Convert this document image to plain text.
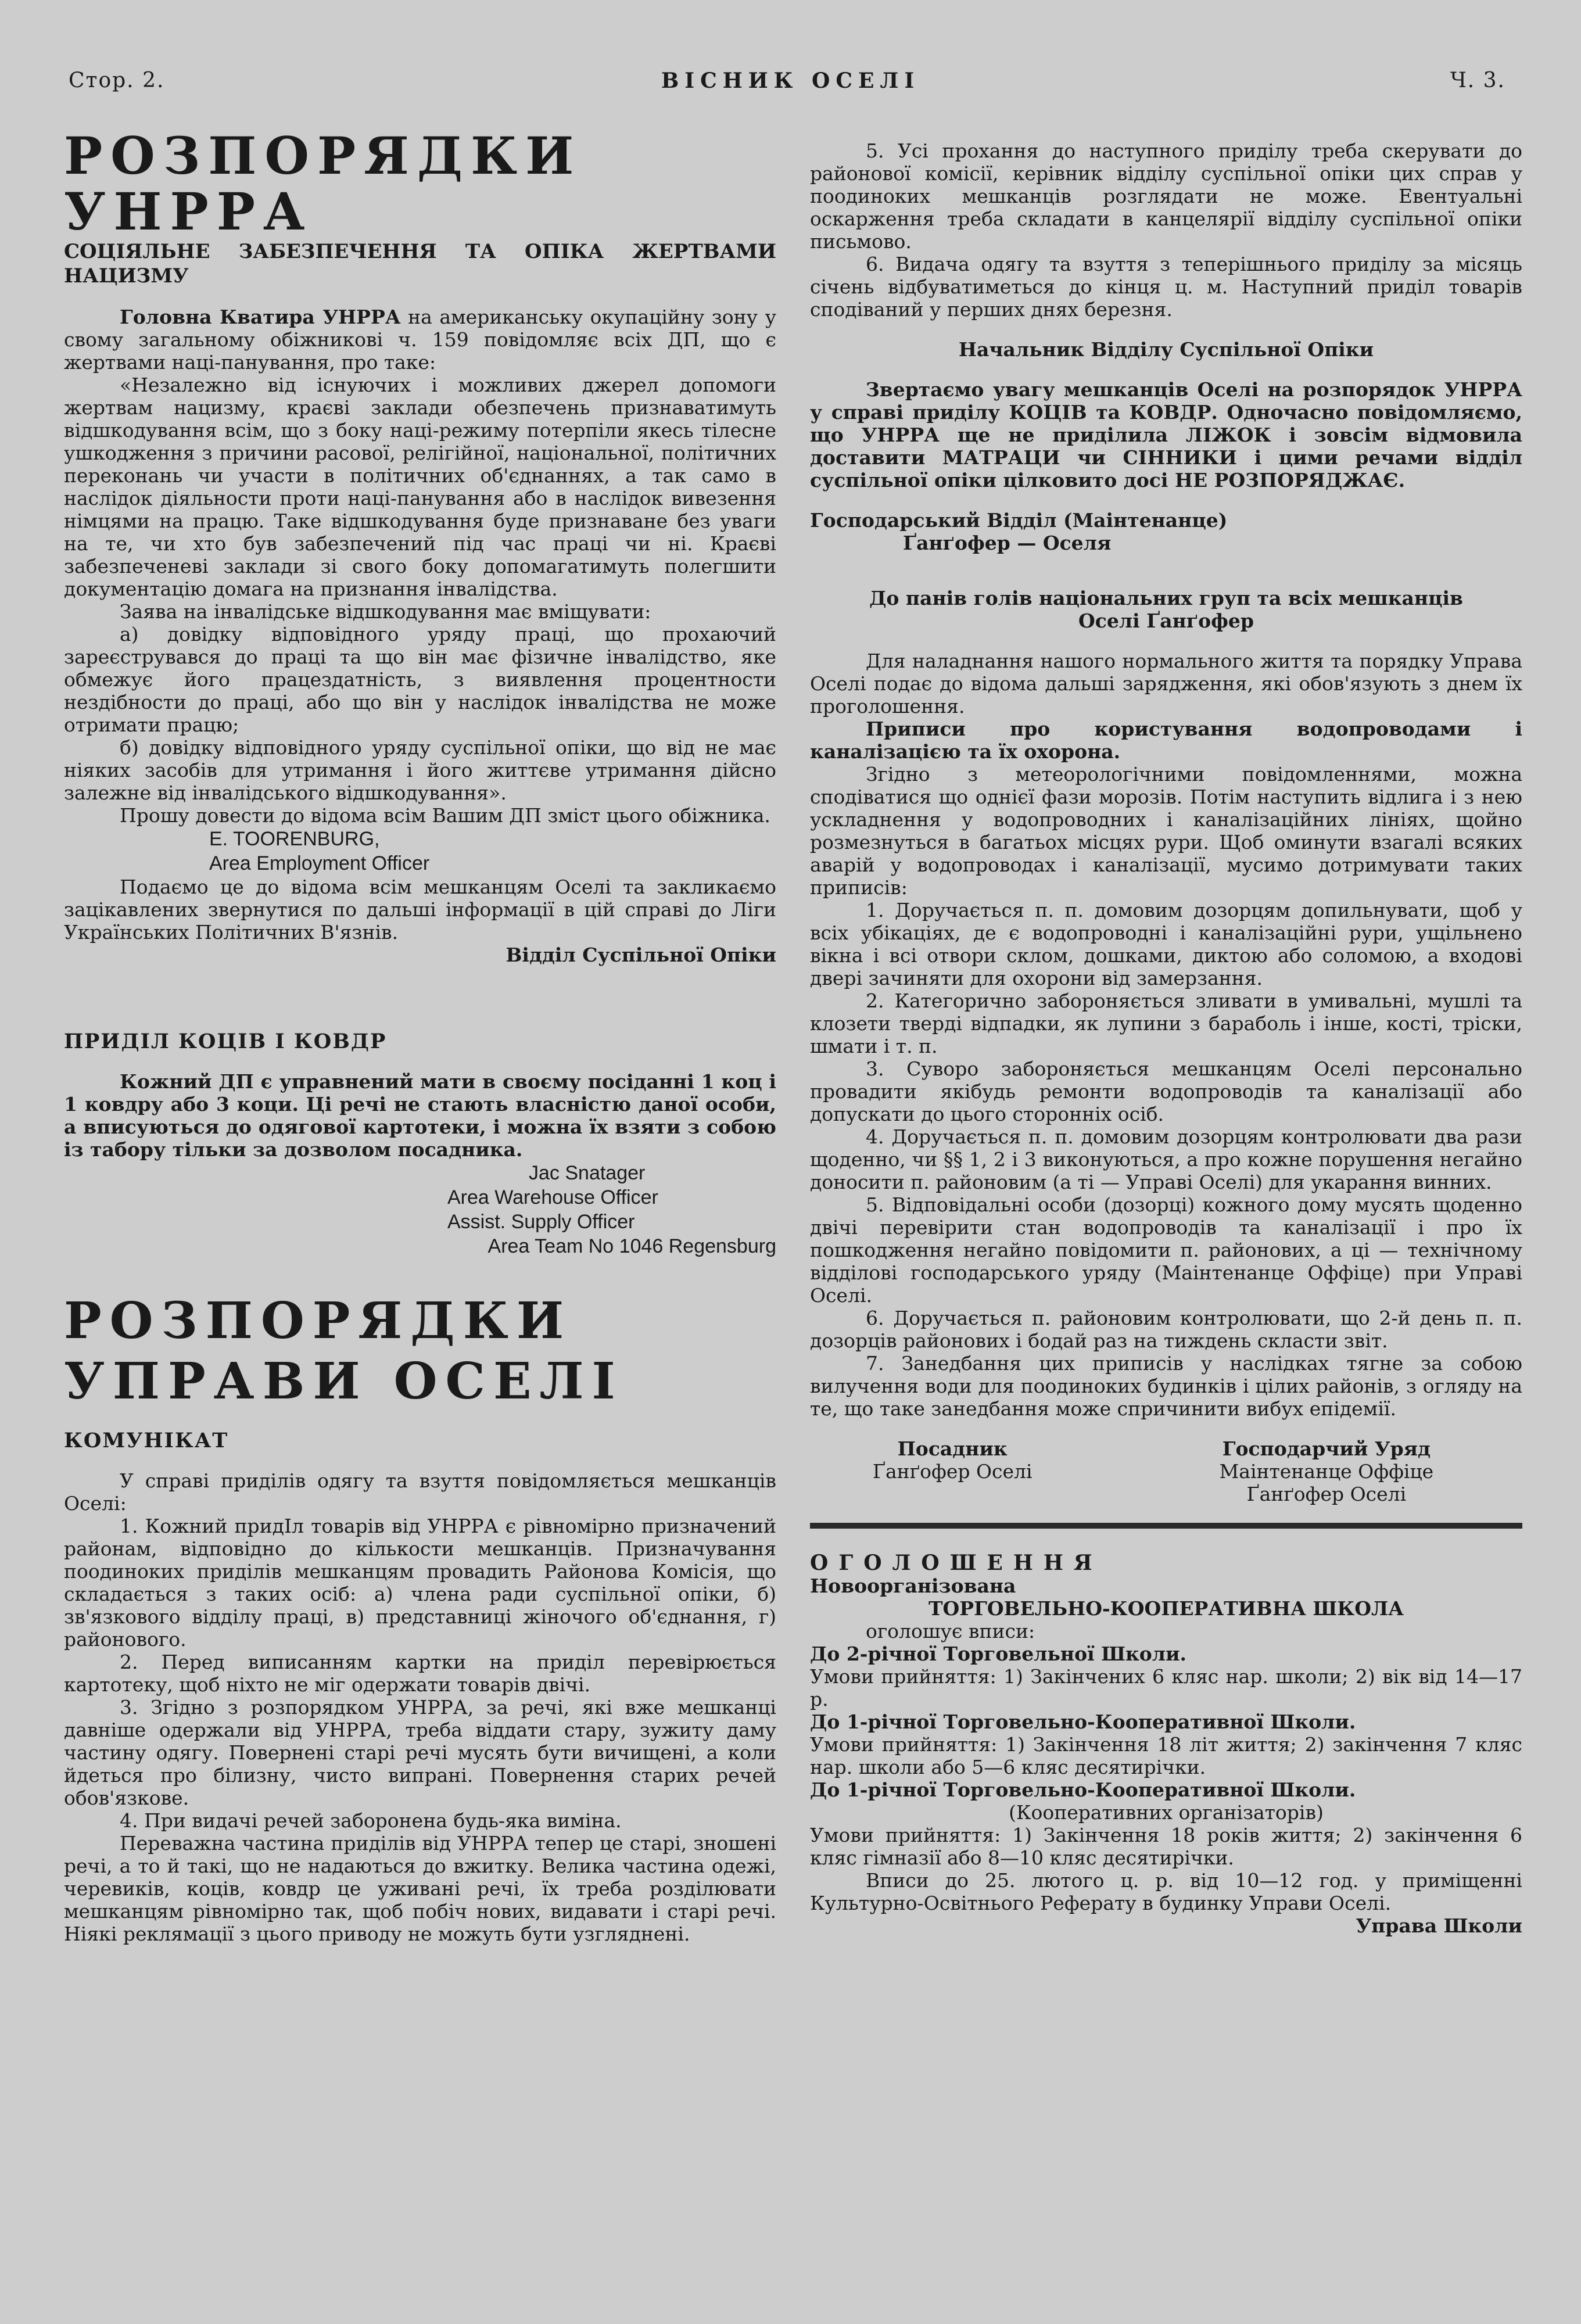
Стор. 2.	ВІСНИК ОСЕЛІ	Ч. 3.

РОЗПОРЯДКИ УНРРА

СОЦІЯЛЬНЕ ЗАБЕЗПЕЧЕННЯ ТА ОПІКА ЖЕРТВАМИ НАЦИЗМУ

Головна Кватира УНРРА на американську окупаційну зону у свому загальному обіжникові ч. 159 повідомляє всіх ДП, що є жертвами наці-панування, про таке:

«Незалежно від існуючих і можливих джерел допомоги жертвам нацизму, краєві заклади обезпечень признаватимуть відшкодування всім, що з боку наці-режиму потерпіли якесь тілесне ушкодження з причини расової, релігійної, національної, політичних переконань чи участи в політичних об'єднаннях, а так само в наслідок діяльности проти наці-панування або в наслідок вивезення німцями на працю. Таке відшкодування буде признаване без уваги на те, чи хто був забезпечений під час праці чи ні. Краєві забезпеченеві заклади зі свого боку допомагатимуть полегшити документацію домага на признання інвалідства.

Заява на інвалідське відшкодування має вміщувати:

а) довідку відповідного уряду праці, що прохаючий зареєструвався до праці та що він має фізичне інвалідство, яке обмежує його працездатність, з виявлення процентности нездібности до праці, або що він у наслідок інвалідства не може отримати працю;

б) довідку відповідного уряду суспільної опіки, що від не має ніяких засобів для утримання і його життєве утримання дійсно залежне від інвалідського відшкодування».

Прошу довести до відома всім Вашим ДП зміст цього обіжника.

E. TOORENBURG,

Area Employment Officer

Подаємо це до відома всім мешканцям Оселі та закликаємо зацікавлених звернутися по дальші інформації в цій справі до Ліги Українських Політичних В'язнів.

Відділ Суспільної Опіки

ПРИДІЛ КОЦІВ І КОВДР

Кожний ДП є управнений мати в своєму посіданні 1 коц і 1 ковдру або 3 коци. Ці речі не стають власністю даної особи, а вписуються до одягової картотеки, і можна їх взяти з собою із табору тільки за дозволом посадника.

Jac Snatager

Area Warehouse Officer

Assist. Supply Officer

Area Team No 1046 Regensburg

РОЗПОРЯДКИ

УПРАВИ ОСЕЛІ

КОМУНІКАТ

У справі приділів одягу та взуття повідомляється мешканців Оселі:

1. Кожний придІл товарів від УНРРА є рівномірно призначений районам, відповідно до кількости мешканців. Призначування поодиноких приділів мешканцям провадить Районова Комісія, що складається з таких осіб: а) члена ради суспільної опіки, б) зв'язкового відділу праці, в) представниці жіночого об'єднання, г) районового.

2. Перед виписанням картки на приділ перевірюється картотеку, щоб ніхто не міг одержати товарів двічі.

3. Згідно з розпорядком УНРРА, за речі, які вже мешканці давніше одержали від УНРРА, треба віддати стару, зужиту даму частину одягу. Повернені старі речі мусять бути вичищені, а коли йдеться про білизну, чисто випрані. Повернення старих речей обов'язкове.

4. При видачі речей заборонена будь-яка виміна.

Переважна частина приділів від УНРРА тепер це старі, зношені речі, а то й такі, що не надаються до вжитку. Велика частина одежі, черевиків, коців, ковдр це уживані речі, їх треба розділювати мешканцям рівномірно так, щоб побіч нових, видавати і старі речі. Ніякі реклямації з цього приводу не можуть бути узгляднені.

5. Усі прохання до наступного приділу треба скерувати до районової комісії, керівник відділу суспільної опіки цих справ у поодиноких мешканців розглядати не може. Евентуальні оскарження треба складати в канцелярії відділу суспільної опіки письмово.

6. Видача одягу та взуття з теперішнього приділу за місяць січень відбуватиметься до кінця ц. м. Наступний приділ товарів сподіваний у перших днях березня.

Начальник Відділу Суспільної Опіки

Звертаємо увагу мешканців Оселі на розпорядок УНРРА у справі приділу КОЦІВ та КОВДР. Одночасно повідомляємо, що УНРРА ще не приділила ЛІЖОК і зовсім відмовила доставити МАТРАЦИ чи СІННИКИ і цими речами відділ суспільної опіки цілковито досі НЕ РОЗПОРЯДЖАЄ.

Господарський Відділ (Маінтенанце)

Ґанґофер — Оселя

До панів голів національних груп та всіх мешканців

Оселі Ґанґофер

Для наладнання нашого нормального життя та порядку Управа Оселі подає до відома дальші зарядження, які обов'язують з днем їх проголошення.

Приписи про користування водопроводами і каналізацією та їх охорона.

Згідно з метеорологічними повідомленнями, можна сподіватися що однієї фази морозів. Потім наступить відлига і з нею ускладнення у водопроводних і каналізаційних лініях, щойно розмезнуться в багатьох місцях рури. Щоб оминути взагалі всяких аварій у водопроводах і каналізації, мусимо дотримувати таких приписів:

1. Доручається п. п. домовим дозорцям допильнувати, щоб у всіх убікаціях, де є водопроводні і каналізаційні рури, ущільнено вікна і всі отвори склом, дошками, диктою або соломою, а входові двері зачиняти для охорони від замерзання.

2. Категорично забороняється зливати в умивальні, мушлі та клозети тверді відпадки, як лупини з бараболь і інше, кості, тріски, шмати і т. п.

3. Суворо забороняється мешканцям Оселі персонально провадити якібудь ремонти водопроводів та каналізації або допускати до цього сторонніх осіб.

4. Доручається п. п. домовим дозорцям контролювати два рази щоденно, чи §§ 1, 2 і 3 виконуються, а про кожне порушення негайно доносити п. районовим (а ті — Управі Оселі) для укарання винних.

5. Відповідальні особи (дозорці) кожного дому мусять щоденно двічі перевірити стан водопроводів та каналізації і про їх пошкодження негайно повідомити п. районових, а ці — технічному відділові господарського уряду (Маінтенанце Оффіце) при Управі Оселі.

6. Доручається п. районовим контролювати, що 2-й день п. п. дозорців районових і бодай раз на тиждень скласти звіт.

7. Занедбання цих приписів у наслідках тягне за собою вилучення води для поодиноких будинків і цілих районів, з огляду на те, що таке занедбання може спричинити вибух епідемії.

Посадник

Ґанґофер Оселі

Господарчий Уряд

Маінтенанце Оффіце

Ґанґофер Оселі

ОГОЛОШЕННЯ

Новоорганізована

ТОРГОВЕЛЬНО-КООПЕРАТИВНА ШКОЛА

оголошує вписи:

До 2-річної Торговельної Школи.

Умови прийняття: 1) Закінчених 6 кляс нар. школи; 2) вік від 14—17 р.

До 1-річної Торговельно-Кооперативної Школи.

Умови прийняття: 1) Закінчення 18 літ життя; 2) закінчення 7 кляс нар. школи або 5—6 кляс десятирічки.

До 1-річної Торговельно-Кооперативної Школи.

(Кооперативних організаторів)

Умови прийняття: 1) Закінчення 18 років життя; 2) закінчення 6 кляс гімназії або 8—10 кляс десятирічки.

Вписи до 25. лютого ц. р. від 10—12 год. у приміщенні Культурно-Освітнього Реферату в будинку Управи Оселі.

Управа Школи
